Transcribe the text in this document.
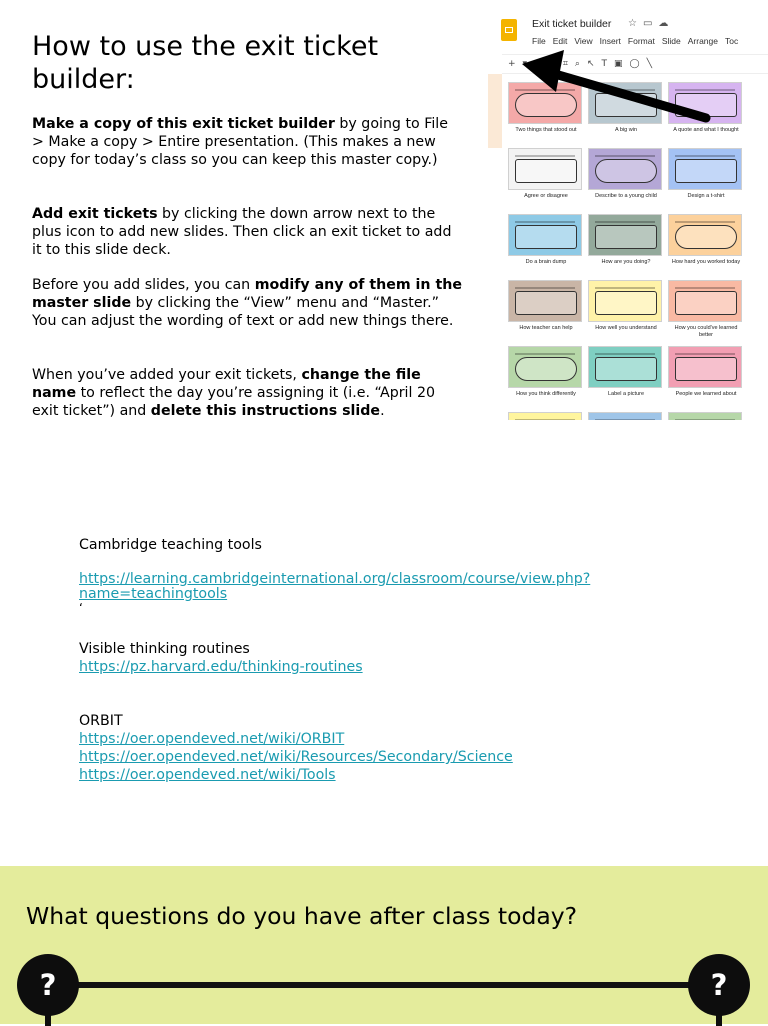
How to use the exit ticket builder:

Make a copy of this exit ticket builder by going to File > Make a copy > Entire presentation. (This makes a new copy for today’s class so you can keep this master copy.)

Add exit tickets by clicking the down arrow next to the plus icon to add new slides. Then click an exit ticket to add it to this slide deck.

Before you add slides, you can modify any of them in the master slide by clicking the “View” menu and “Master.” You can adjust the wording of text or add new things there.

When you’ve added your exit tickets, change the file name to reflect the day you’re assigning it (i.e. “April 20 exit ticket”) and delete this instructions slide.

Exit ticket builder ☆ ▭ ☁
File Edit View Insert Format Slide Arrange Toc
+	⌗ ⌕ ↖ T ▣ ◯ ╲
Two things that stood out	A big win	A quote and what I thought
Agree or disagree	Describe to a young child	Design a t-shirt
Do a brain dump	How are you doing?	How hard you worked today
How teacher can help	How well you understand	How you could've learned better
How you think differently	Label a picture	People we learned about

Cambridge teaching tools

https://learning.cambridgeinternational.org/classroom/course/view.php?
name=teachingtools
‘

Visible thinking routines

https://pz.harvard.edu/thinking-routines

ORBIT

https://oer.opendeved.net/wiki/ORBIT
https://oer.opendeved.net/wiki/Resources/Secondary/Science
https://oer.opendeved.net/wiki/Tools
What questions do you have after class today?
?	?
